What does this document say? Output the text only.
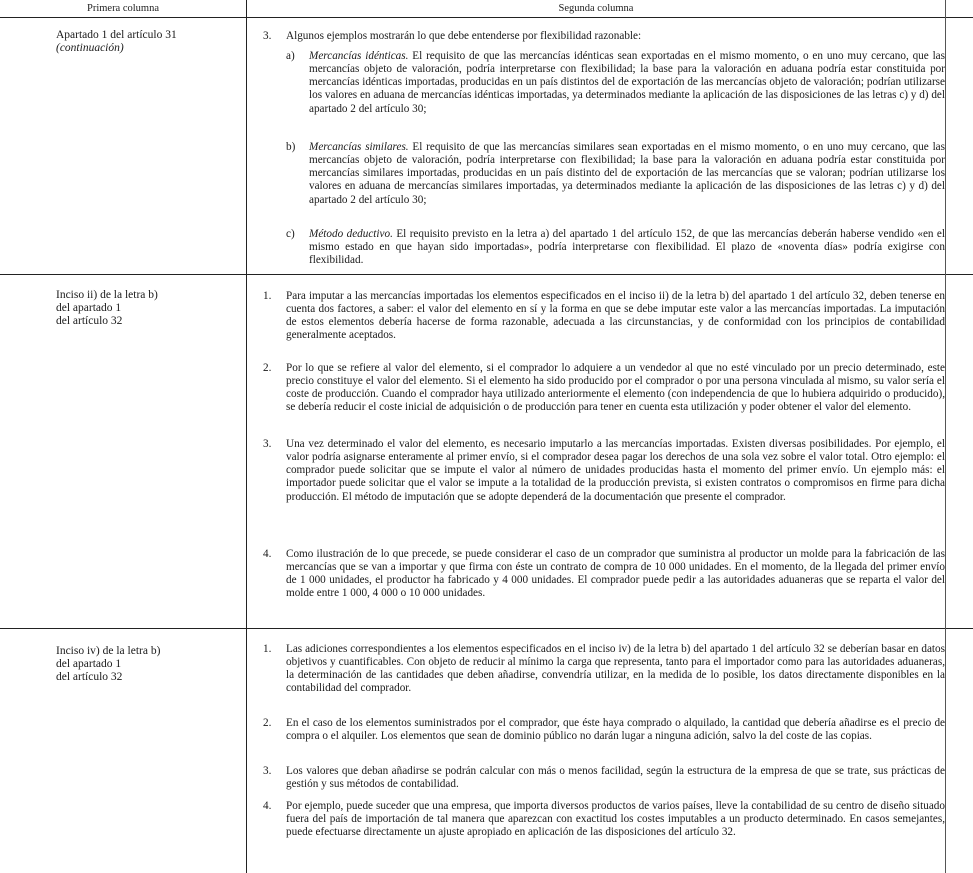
Primera columna	Segunda columna
Apartado 1 del artículo 31
(continuación)
3. Algunos ejemplos mostrarán lo que debe entenderse por flexibilidad razonable:
a) Mercancías idénticas. El requisito de que las mercancías idénticas sean exportadas en el mismo momento, o en uno muy cercano, que las mercancías objeto de valoración, podría interpretarse con flexibilidad; la base para la valoración en aduana podría estar constituida por mercancías idénticas importadas, producidas en un país distintos del de exportación de las mercancías objeto de valoración; podrían utilizarse los valores en aduana de mercancías idénticas importadas, ya determinados mediante la aplicación de las disposiciones de las letras c) y d) del apartado 2 del artículo 30;
b) Mercancías similares. El requisito de que las mercancías similares sean exportadas en el mismo momento, o en uno muy cercano, que las mercancías objeto de valoración, podría interpretarse con flexibilidad; la base para la valoración en aduana podría estar constituida por mercancías similares importadas, producidas en un país distinto del de exportación de las mercancías que se valoran; podrían utilizarse los valores en aduana de mercancías similares importadas, ya determinados mediante la aplicación de las disposiciones de las letras c) y d) del apartado 2 del artículo 30;
c) Método deductivo. El requisito previsto en la letra a) del apartado 1 del artículo 152, de que las mercancías deberán haberse vendido «en el mismo estado en que hayan sido importadas», podría interpretarse con flexibilidad. El plazo de «noventa días» podría exigirse con flexibilidad.
Inciso ii) de la letra b)
del apartado 1
del artículo 32
1. Para imputar a las mercancías importadas los elementos especificados en el inciso ii) de la letra b) del apartado 1 del artículo 32, deben tenerse en cuenta dos factores, a saber: el valor del elemento en sí y la forma en que se debe imputar este valor a las mercancías importadas. La imputación de estos elementos debería hacerse de forma razonable, adecuada a las circunstancias, y de conformidad con los principios de contabilidad generalmente aceptados.
2. Por lo que se refiere al valor del elemento, si el comprador lo adquiere a un vendedor al que no esté vinculado por un precio determinado, este precio constituye el valor del elemento. Si el elemento ha sido producido por el comprador o por una persona vinculada al mismo, su valor sería el coste de producción. Cuando el comprador haya utilizado anteriormente el elemento (con independencia de que lo hubiera adquirido o producido), se debería reducir el coste inicial de adquisición o de producción para tener en cuenta esta utilización y poder obtener el valor del elemento.
3. Una vez determinado el valor del elemento, es necesario imputarlo a las mercancías importadas. Existen diversas posibilidades. Por ejemplo, el valor podría asignarse enteramente al primer envío, si el comprador desea pagar los derechos de una sola vez sobre el valor total. Otro ejemplo: el comprador puede solicitar que se impute el valor al número de unidades producidas hasta el momento del primer envío. Un ejemplo más: el importador puede solicitar que el valor se impute a la totalidad de la producción prevista, si existen contratos o compromisos en firme para dicha producción. El método de imputación que se adopte dependerá de la documentación que presente el comprador.
4. Como ilustración de lo que precede, se puede considerar el caso de un comprador que suministra al productor un molde para la fabricación de las mercancías que se van a importar y que firma con éste un contrato de compra de 10 000 unidades. En el momento, de la llegada del primer envío de 1 000 unidades, el productor ha fabricado y 4 000 unidades. El comprador puede pedir a las autoridades aduaneras que se reparta el valor del molde entre 1 000, 4 000 o 10 000 unidades.
Inciso iv) de la letra b)
del apartado 1
del artículo 32
1. Las adiciones correspondientes a los elementos especificados en el inciso iv) de la letra b) del apartado 1 del artículo 32 se deberían basar en datos objetivos y cuantificables. Con objeto de reducir al mínimo la carga que representa, tanto para el importador como para las autoridades aduaneras, la determinación de las cantidades que deben añadirse, convendría utilizar, en la medida de lo posible, los datos directamente disponibles en la contabilidad del comprador.
2. En el caso de los elementos suministrados por el comprador, que éste haya comprado o alquilado, la cantidad que debería añadirse es el precio de compra o el alquiler. Los elementos que sean de dominio público no darán lugar a ninguna adición, salvo la del coste de las copias.
3. Los valores que deban añadirse se podrán calcular con más o menos facilidad, según la estructura de la empresa de que se trate, sus prácticas de gestión y sus métodos de contabilidad.
4. Por ejemplo, puede suceder que una empresa, que importa diversos productos de varios países, lleve la contabilidad de su centro de diseño situado fuera del país de importación de tal manera que aparezcan con exactitud los costes imputables a un producto determinado. En casos semejantes, puede efectuarse directamente un ajuste apropiado en aplicación de las disposiciones del artículo 32.
